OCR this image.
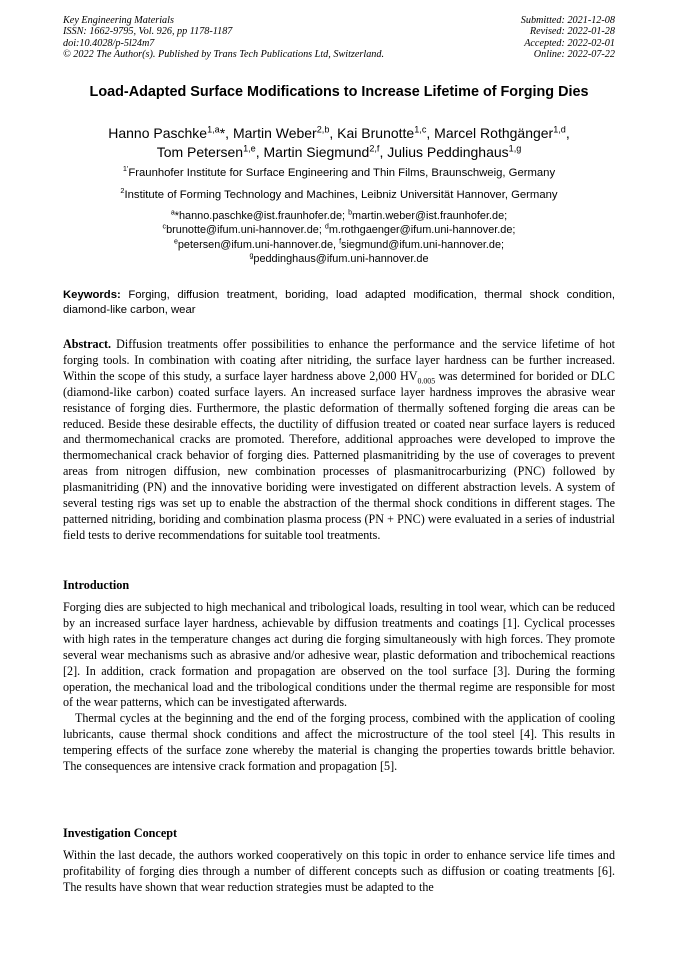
Key Engineering Materials
ISSN: 1662-9795, Vol. 926, pp 1178-1187
doi:10.4028/p-5l24m7
© 2022 The Author(s). Published by Trans Tech Publications Ltd, Switzerland.
Submitted: 2021-12-08
Revised: 2022-01-28
Accepted: 2022-02-01
Online: 2022-07-22
Load-Adapted Surface Modifications to Increase Lifetime of Forging Dies
Hanno Paschke$^{1,a}$*, Martin Weber$^{2,b}$, Kai Brunotte$^{1,c}$, Marcel Rothgänger$^{1,d}$,
Tom Petersen$^{1,e}$, Martin Siegmund$^{2,f}$, Julius Peddinghaus$^{1,g}$
$^{1'}$Fraunhofer Institute for Surface Engineering and Thin Films, Braunschweig, Germany
$^2$Institute of Forming Technology and Machines, Leibniz Universität Hannover, Germany
$^a$*hanno.paschke@ist.fraunhofer.de; $^b$martin.weber@ist.fraunhofer.de;
$^c$brunotte@ifum.uni-hannover.de; $^d$m.rothgaenger@ifum.uni-hannover.de;
$^e$petersen@ifum.uni-hannover.de, $^f$siegmund@ifum.uni-hannover.de;
$^g$peddinghaus@ifum.uni-hannover.de
Keywords: Forging, diffusion treatment, boriding, load adapted modification, thermal shock condition, diamond-like carbon, wear
Abstract. Diffusion treatments offer possibilities to enhance the performance and the service lifetime of hot forging tools. In combination with coating after nitriding, the surface layer hardness can be further increased. Within the scope of this study, a surface layer hardness above 2,000 $HV_{0.005}$ was determined for borided or DLC (diamond-like carbon) coated surface layers. An increased surface layer hardness improves the abrasive wear resistance of forging dies. Furthermore, the plastic deformation of thermally softened forging die areas can be reduced. Beside these desirable effects, the ductility of diffusion treated or coated near surface layers is reduced and thermomechanical cracks are promoted. Therefore, additional approaches were developed to improve the thermomechanical crack behavior of forging dies. Patterned plasmanitriding by the use of coverages to prevent areas from nitrogen diffusion, new combination processes of plasmanitrocarburizing (PNC) followed by plasmanitriding (PN) and the innovative boriding were investigated on different abstraction levels. A system of several testing rigs was set up to enable the abstraction of the thermal shock conditions in different stages. The patterned nitriding, boriding and combination plasma process (PN + PNC) were evaluated in a series of industrial field tests to derive recommendations for suitable tool treatments.
Introduction
Forging dies are subjected to high mechanical and tribological loads, resulting in tool wear, which can be reduced by an increased surface layer hardness, achievable by diffusion treatments and coatings [1]. Cyclical processes with high rates in the temperature changes act during die forging simultaneously with high forces. They promote several wear mechanisms such as abrasive and/or adhesive wear, plastic deformation and tribochemical reactions [2]. In addition, crack formation and propagation are observed on the tool surface [3]. During the forming operation, the mechanical load and the tribological conditions under the thermal regime are responsible for most of the wear patterns, which can be investigated afterwards.
Thermal cycles at the beginning and the end of the forging process, combined with the application of cooling lubricants, cause thermal shock conditions and affect the microstructure of the tool steel [4]. This results in tempering effects of the surface zone whereby the material is changing the properties towards brittle behavior. The consequences are intensive crack formation and propagation [5].
Investigation Concept
Within the last decade, the authors worked cooperatively on this topic in order to enhance service life times and profitability of forging dies through a number of different concepts such as diffusion or coating treatments [6]. The results have shown that wear reduction strategies must be adapted to the
